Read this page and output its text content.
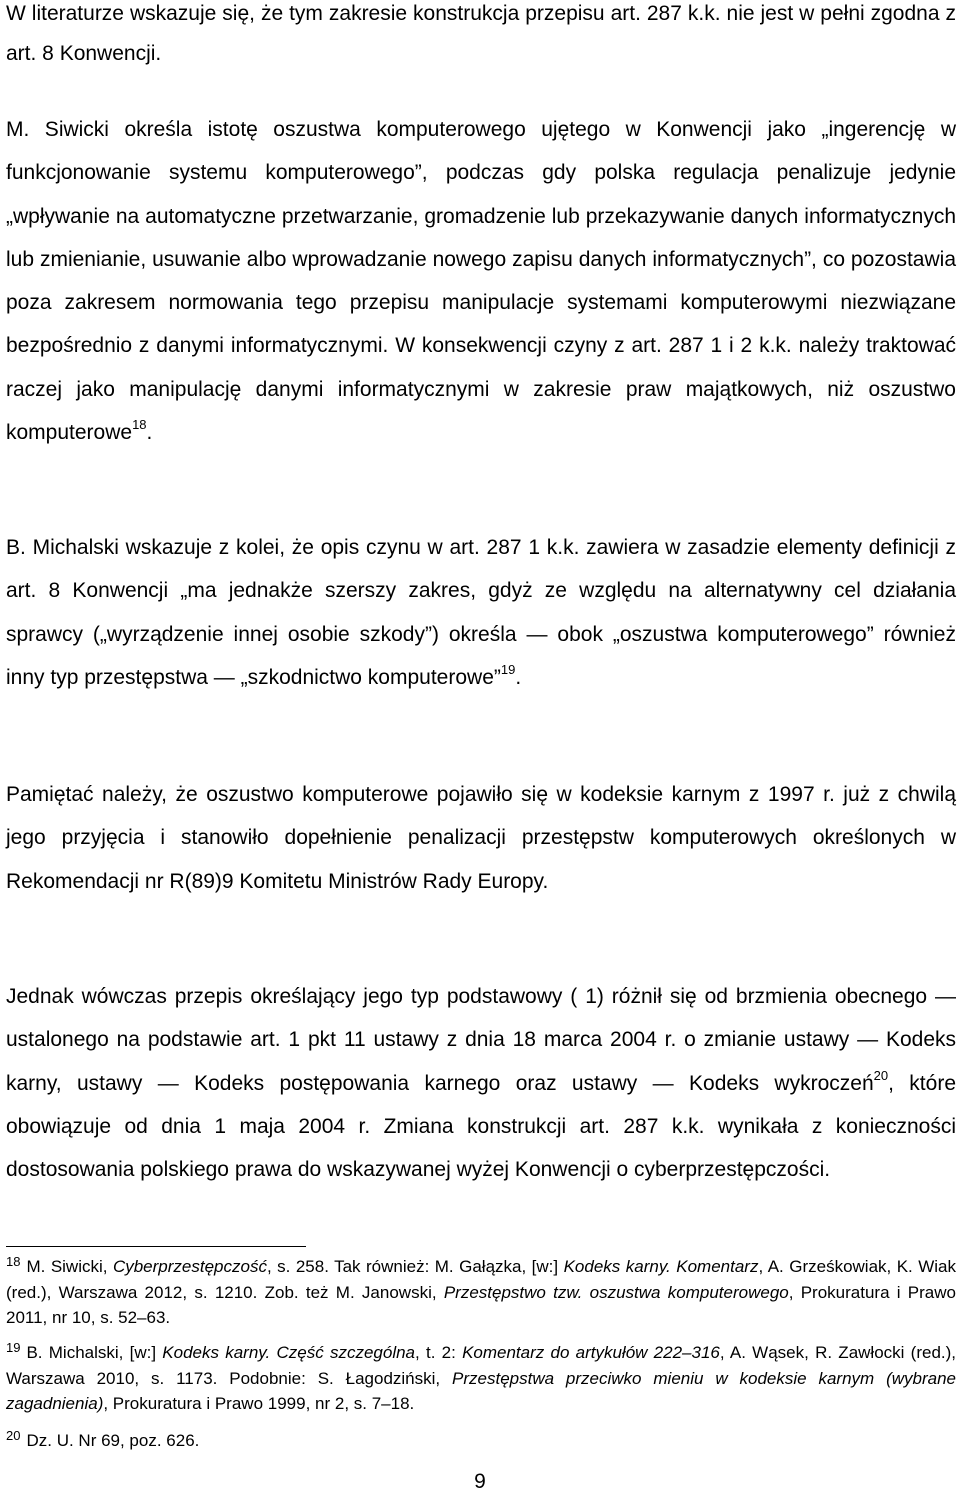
W literaturze wskazuje się, że tym zakresie konstrukcja przepisu art. 287 k.k. nie jest w pełni zgodna z art. 8 Konwencji.

M. Siwicki określa istotę oszustwa komputerowego ujętego w Konwencji jako „ingerencję w funkcjonowanie systemu komputerowego”, podczas gdy polska regulacja penalizuje jedynie „wpływanie na automatyczne przetwarzanie, gromadzenie lub przekazywanie danych informatycznych lub zmienianie, usuwanie albo wprowadzanie nowego zapisu danych informatycznych”, co pozostawia poza zakresem normowania tego przepisu manipulacje systemami komputerowymi niezwiązane bezpośrednio z danymi informatycznymi. W konsekwencji czyny z art. 287 1 i 2 k.k. należy traktować raczej jako manipulację danymi informatycznymi w zakresie praw majątkowych, niż oszustwo komputerowe$^{18}$.

B. Michalski wskazuje z kolei, że opis czynu w art. 287 1 k.k. zawiera w zasadzie elementy definicji z art. 8 Konwencji „ma jednakże szerszy zakres, gdyż ze względu na alternatywny cel działania sprawcy („wyrządzenie innej osobie szkody”) określa — obok „oszustwa komputerowego” również inny typ przestępstwa — „szkodnictwo komputerowe”$^{19}$.

Pamiętać należy, że oszustwo komputerowe pojawiło się w kodeksie karnym z 1997 r. już z chwilą jego przyjęcia i stanowiło dopełnienie penalizacji przestępstw komputerowych określonych w Rekomendacji nr R(89)9 Komitetu Ministrów Rady Europy.

Jednak wówczas przepis określający jego typ podstawowy ( 1) różnił się od brzmienia obecnego — ustalonego na podstawie art. 1 pkt 11 ustawy z dnia 18 marca 2004 r. o zmianie ustawy — Kodeks karny, ustawy — Kodeks postępowania karnego oraz ustawy — Kodeks wykroczeń$^{20}$, które obowiązuje od dnia 1 maja 2004 r. Zmiana konstrukcji art. 287 k.k. wynikała z konieczności dostosowania polskiego prawa do wskazywanej wyżej Konwencji o cyberprzestępczości.

$^{18}$ M. Siwicki, Cyberprzestępczość, s. 258. Tak również: M. Gałązka, [w:] Kodeks karny. Komentarz, A. Grześkowiak, K. Wiak (red.), Warszawa 2012, s. 1210. Zob. też M. Janowski, Przestępstwo tzw. oszustwa komputerowego, Prokuratura i Prawo 2011, nr 10, s. 52–63.

$^{19}$ B. Michalski, [w:] Kodeks karny. Część szczególna, t. 2: Komentarz do artykułów 222–316, A. Wąsek, R. Zawłocki (red.), Warszawa 2010, s. 1173. Podobnie: S. Łagodziński, Przestępstwa przeciwko mieniu w kodeksie karnym (wybrane zagadnienia), Prokuratura i Prawo 1999, nr 2, s. 7–18.

$^{20}$ Dz. U. Nr 69, poz. 626.

9
